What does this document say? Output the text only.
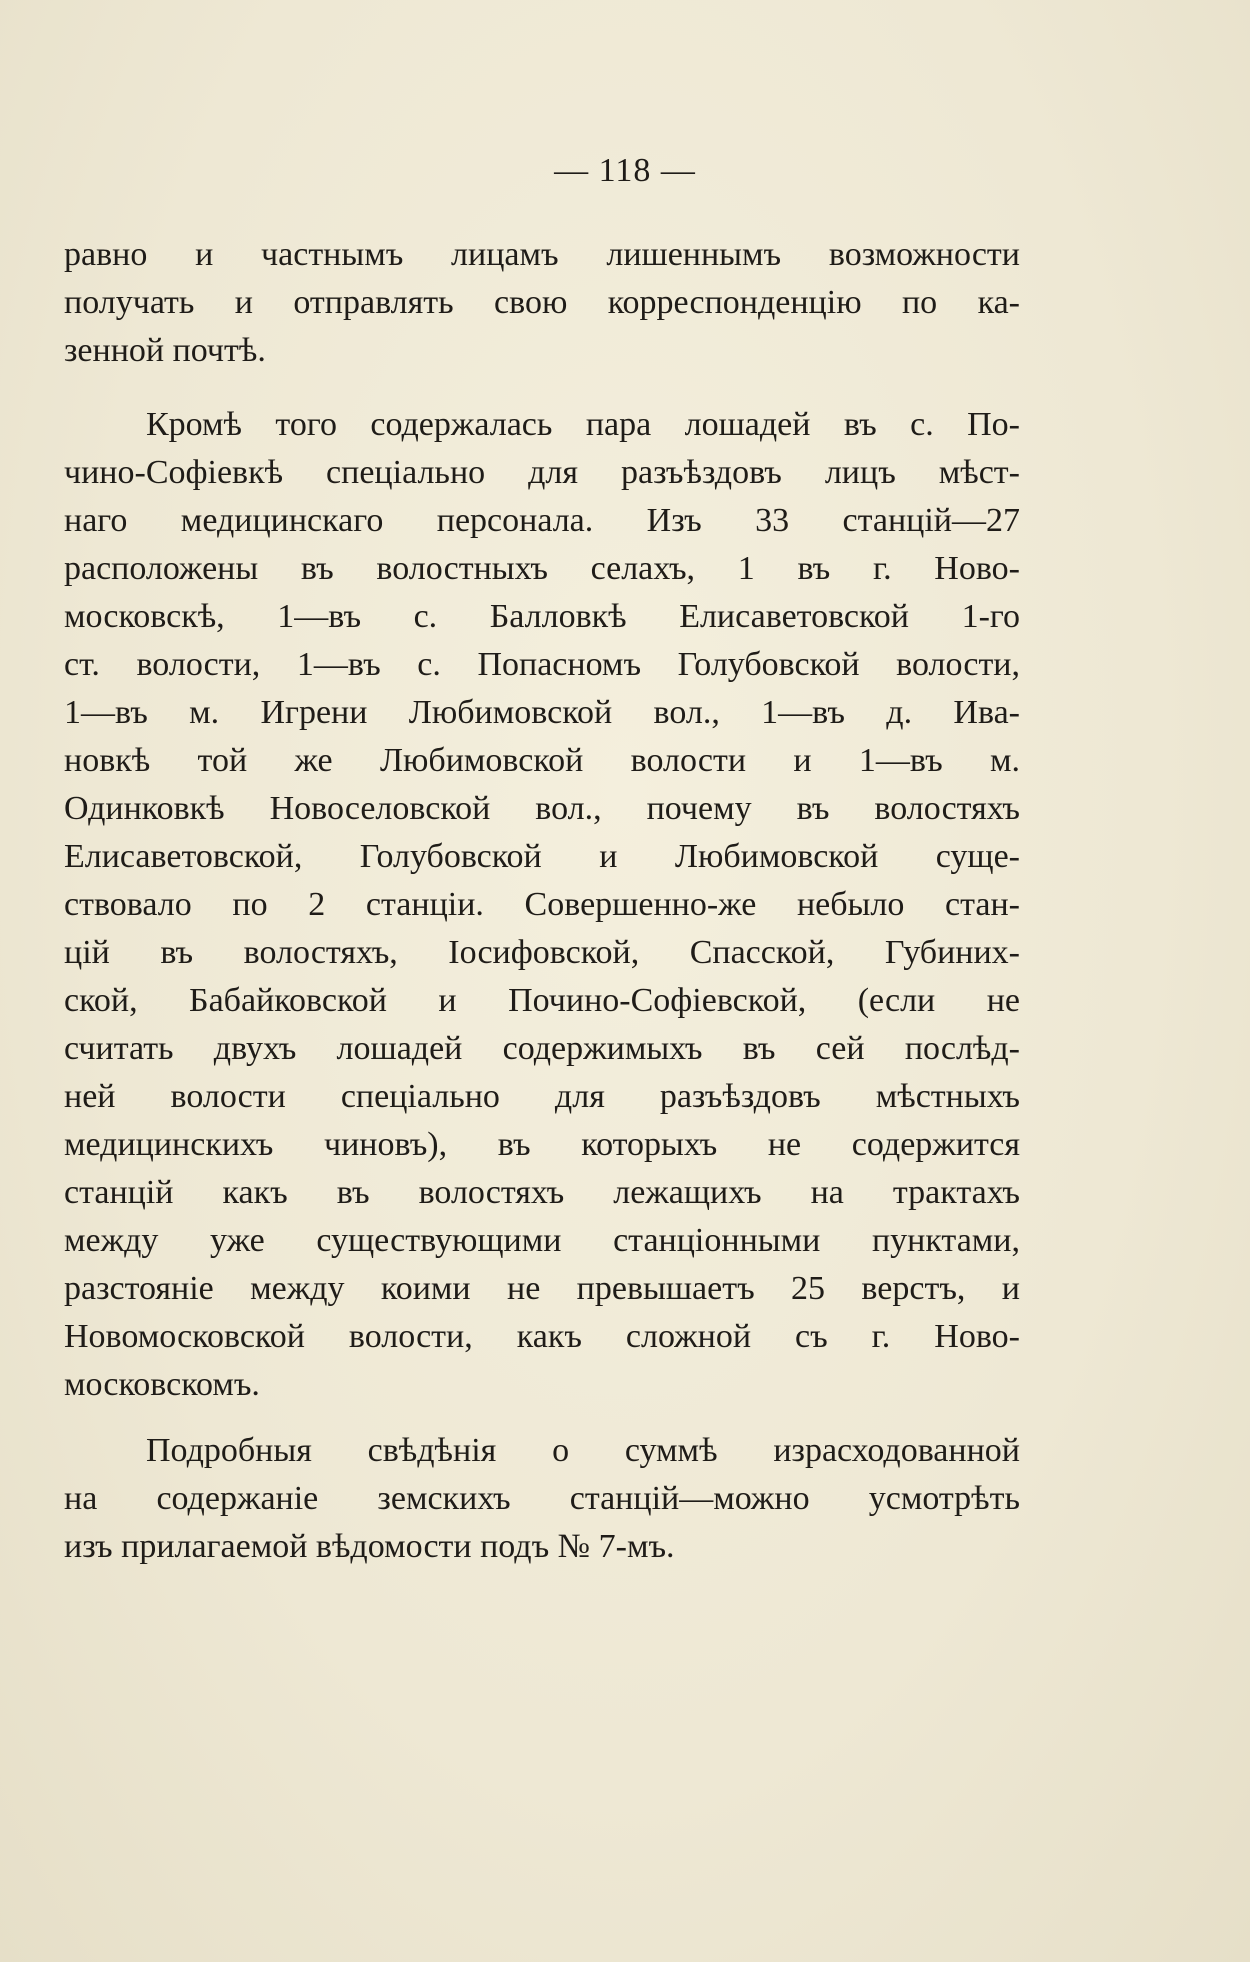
— 118 —
равно и частнымъ лицамъ лишеннымъ возможности
получать и отправлять свою корреспонденцію по ка-
зенной почтѣ.
Кромѣ того содержалась пара лошадей въ с. По-
чино-Софіевкѣ спеціально для разъѣздовъ лицъ мѣст-
наго медицинскаго персонала. Изъ 33 станцій—27
расположены въ волостныхъ селахъ, 1 въ г. Ново-
московскѣ, 1—въ с. Балловкѣ Елисаветовской 1-го
ст. волости, 1—въ с. Попасномъ Голубовской волости,
1—въ м. Игрени Любимовской вол., 1—въ д. Ива-
новкѣ той же Любимовской волости и 1—въ м.
Одинковкѣ Новоселовской вол., почему въ волостяхъ
Елисаветовской, Голубовской и Любимовской суще-
ствовало по 2 станціи. Совершенно-же небыло стан-
цій въ волостяхъ, Іосифовской, Спасской, Губиних-
ской, Бабайковской и Почино-Софіевской, (если не
считать двухъ лошадей содержимыхъ въ сей послѣд-
ней волости спеціально для разъѣздовъ мѣстныхъ
медицинскихъ чиновъ), въ которыхъ не содержится
станцій какъ въ волостяхъ лежащихъ на трактахъ
между уже существующими станціонными пунктами,
разстояніе между коими не превышаетъ 25 верстъ, и
Новомосковской волости, какъ сложной съ г. Ново-
московскомъ.
Подробныя свѣдѣнія о суммѣ израсходованной
на содержаніе земскихъ станцій—можно усмотрѣть
изъ прилагаемой вѣдомости подъ № 7-мъ.
